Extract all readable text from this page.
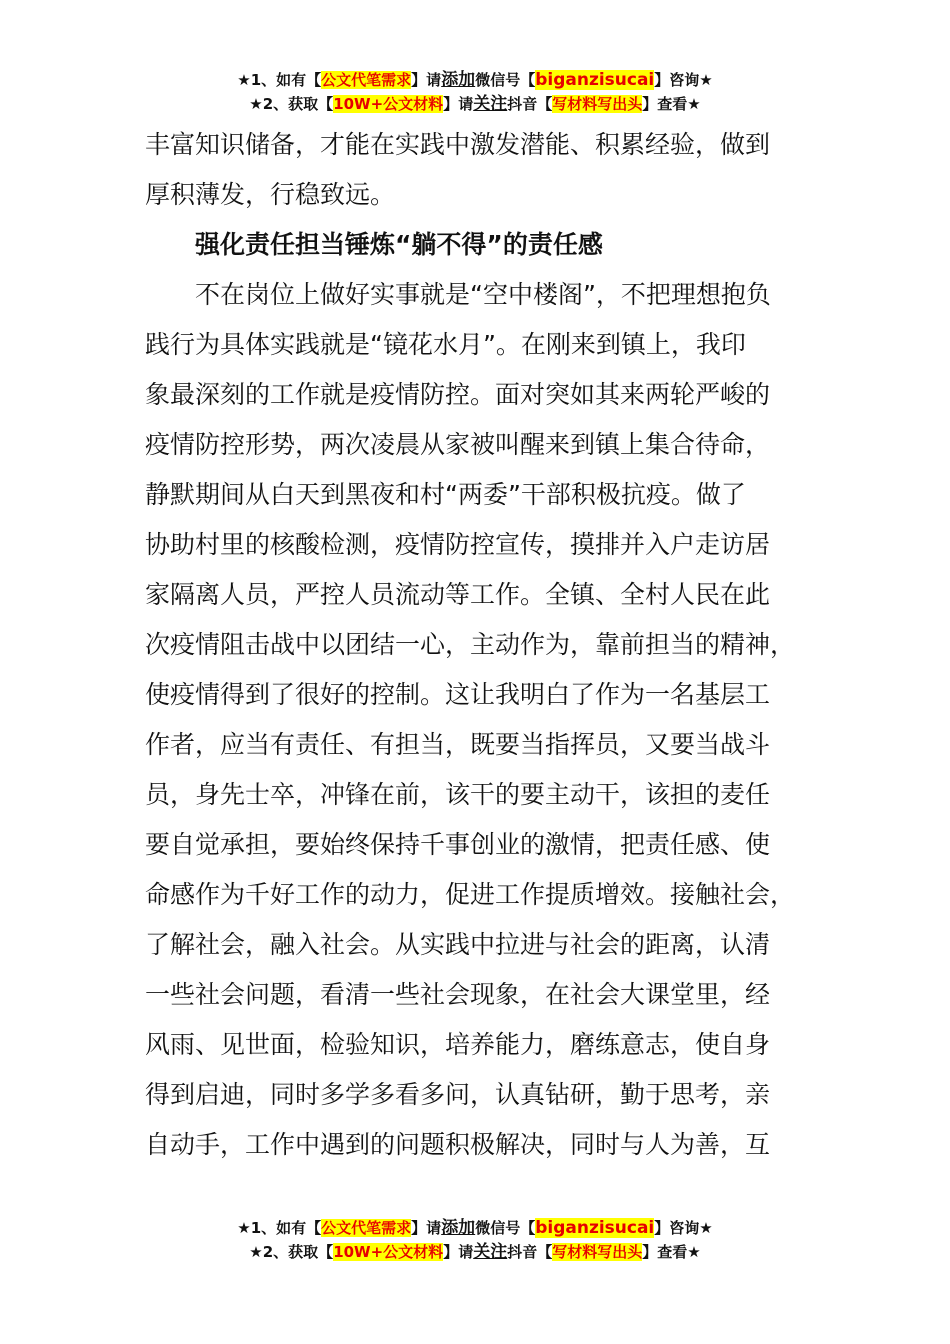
★1、如有【公文代笔需求】请添加微信号【biganzisucai】咨询★
★2、获取【10W+公文材料】请关注抖音【写材料写出头】查看★

丰富知识储备，才能在实践中激发潜能、积累经验，做到

厚积薄发，行稳致远。

　　强化责任担当锤炼“躺不得”的责任感

　　不在岗位上做好实事就是“空中楼阁”，不把理想抱负

践行为具体实践就是“镜花水月”。在刚来到镇上，我印

象最深刻的工作就是疫情防控。面对突如其来两轮严峻的

疫情防控形势，两次凌晨从家被叫醒来到镇上集合待命，

静默期间从白天到黑夜和村“两委”干部积极抗疫。做了

协助村里的核酸检测，疫情防控宣传，摸排并入户走访居

家隔离人员，严控人员流动等工作。全镇、全村人民在此

次疫情阻击战中以团结一心，主动作为，靠前担当的精神，

使疫情得到了很好的控制。这让我明白了作为一名基层工

作者，应当有责任、有担当，既要当指挥员，又要当战斗

员，身先士卒，冲锋在前，该干的要主动干，该担的麦任

要自觉承担，要始终保持千事创业的激情，把责任感、使

命感作为千好工作的动力，促进工作提质增效。接触社会，

了解社会，融入社会。从实践中拉进与社会的距离，认清

一些社会问题，看清一些社会现象，在社会大课堂里，经

风雨、见世面，检验知识，培养能力，磨练意志，使自身

得到启迪，同时多学多看多问，认真钻研，勤于思考，亲

自动手，工作中遇到的问题积极解决，同时与人为善，互

★1、如有【公文代笔需求】请添加微信号【biganzisucai】咨询★
★2、获取【10W+公文材料】请关注抖音【写材料写出头】查看★
